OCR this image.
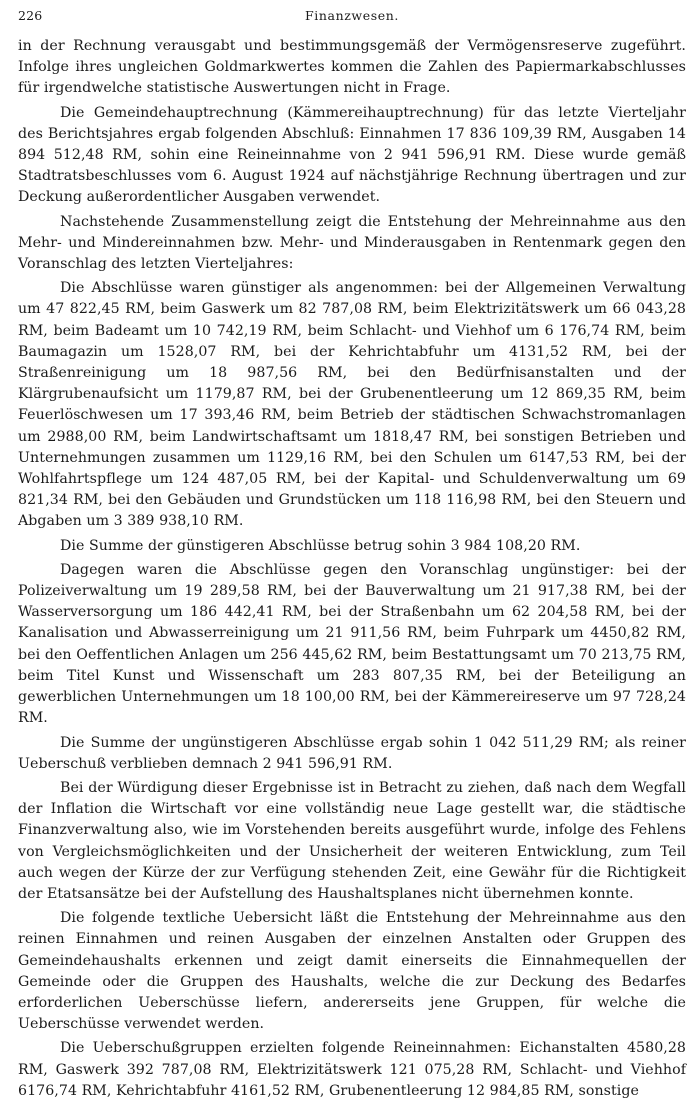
226	Finanzwesen.

in der Rechnung verausgabt und bestimmungsgemäß der Vermögensreserve zugeführt. Infolge ihres ungleichen Goldmarkwertes kommen die Zahlen des Papiermarkabschlusses für irgendwelche statistische Auswertungen nicht in Frage.

Die Gemeindehauptrechnung (Kämmereihauptrechnung) für das letzte Vierteljahr des Berichtsjahres ergab folgenden Abschluß: Einnahmen 17 836 109,39 RM, Ausgaben 14 894 512,48 RM, sohin eine Reineinnahme von 2 941 596,91 RM. Diese wurde gemäß Stadtratsbeschlusses vom 6. August 1924 auf nächstjährige Rechnung übertragen und zur Deckung außerordentlicher Ausgaben verwendet.

Nachstehende Zusammenstellung zeigt die Entstehung der Mehreinnahme aus den Mehr- und Mindereinnahmen bzw. Mehr- und Minderausgaben in Rentenmark gegen den Voranschlag des letzten Vierteljahres:

Die Abschlüsse waren günstiger als angenommen: bei der Allgemeinen Verwaltung um 47 822,45 RM, beim Gaswerk um 82 787,08 RM, beim Elektrizitätswerk um 66 043,28 RM, beim Badeamt um 10 742,19 RM, beim Schlacht- und Viehhof um 6 176,74 RM, beim Baumagazin um 1528,07 RM, bei der Kehrichtabfuhr um 4131,52 RM, bei der Straßenreinigung um 18 987,56 RM, bei den Bedürfnisanstalten und der Klärgrubenaufsicht um 1179,87 RM, bei der Grubenentleerung um 12 869,35 RM, beim Feuerlöschwesen um 17 393,46 RM, beim Betrieb der städtischen Schwachstromanlagen um 2988,00 RM, beim Landwirtschaftsamt um 1818,47 RM, bei sonstigen Betrieben und Unternehmungen zusammen um 1129,16 RM, bei den Schulen um 6147,53 RM, bei der Wohlfahrtspflege um 124 487,05 RM, bei der Kapital- und Schuldenverwaltung um 69 821,34 RM, bei den Gebäuden und Grundstücken um 118 116,98 RM, bei den Steuern und Abgaben um 3 389 938,10 RM.

Die Summe der günstigeren Abschlüsse betrug sohin 3 984 108,20 RM.

Dagegen waren die Abschlüsse gegen den Voranschlag ungünstiger: bei der Polizeiverwaltung um 19 289,58 RM, bei der Bauverwaltung um 21 917,38 RM, bei der Wasserversorgung um 186 442,41 RM, bei der Straßenbahn um 62 204,58 RM, bei der Kanalisation und Abwasserreinigung um 21 911,56 RM, beim Fuhrpark um 4450,82 RM, bei den Oeffentlichen Anlagen um 256 445,62 RM, beim Bestattungsamt um 70 213,75 RM, beim Titel Kunst und Wissenschaft um 283 807,35 RM, bei der Beteiligung an gewerblichen Unternehmungen um 18 100,00 RM, bei der Kämmereireserve um 97 728,24 RM.

Die Summe der ungünstigeren Abschlüsse ergab sohin 1 042 511,29 RM; als reiner Ueberschuß verblieben demnach 2 941 596,91 RM.

Bei der Würdigung dieser Ergebnisse ist in Betracht zu ziehen, daß nach dem Wegfall der Inflation die Wirtschaft vor eine vollständig neue Lage gestellt war, die städtische Finanzverwaltung also, wie im Vorstehenden bereits ausgeführt wurde, infolge des Fehlens von Vergleichsmöglichkeiten und der Unsicherheit der weiteren Entwicklung, zum Teil auch wegen der Kürze der zur Verfügung stehenden Zeit, eine Gewähr für die Richtigkeit der Etatsansätze bei der Aufstellung des Haushaltsplanes nicht übernehmen konnte.

Die folgende textliche Uebersicht läßt die Entstehung der Mehreinnahme aus den reinen Einnahmen und reinen Ausgaben der einzelnen Anstalten oder Gruppen des Gemeindehaushalts erkennen und zeigt damit einerseits die Einnahmequellen der Gemeinde oder die Gruppen des Haushalts, welche die zur Deckung des Bedarfes erforderlichen Ueberschüsse liefern, andererseits jene Gruppen, für welche die Ueberschüsse verwendet werden.

Die Ueberschußgruppen erzielten folgende Reineinnahmen: Eichanstalten 4580,28 RM, Gaswerk 392 787,08 RM, Elektrizitätswerk 121 075,28 RM, Schlacht- und Viehhof 6176,74 RM, Kehrichtabfuhr 4161,52 RM, Grubenentleerung 12 984,85 RM, sonstige
